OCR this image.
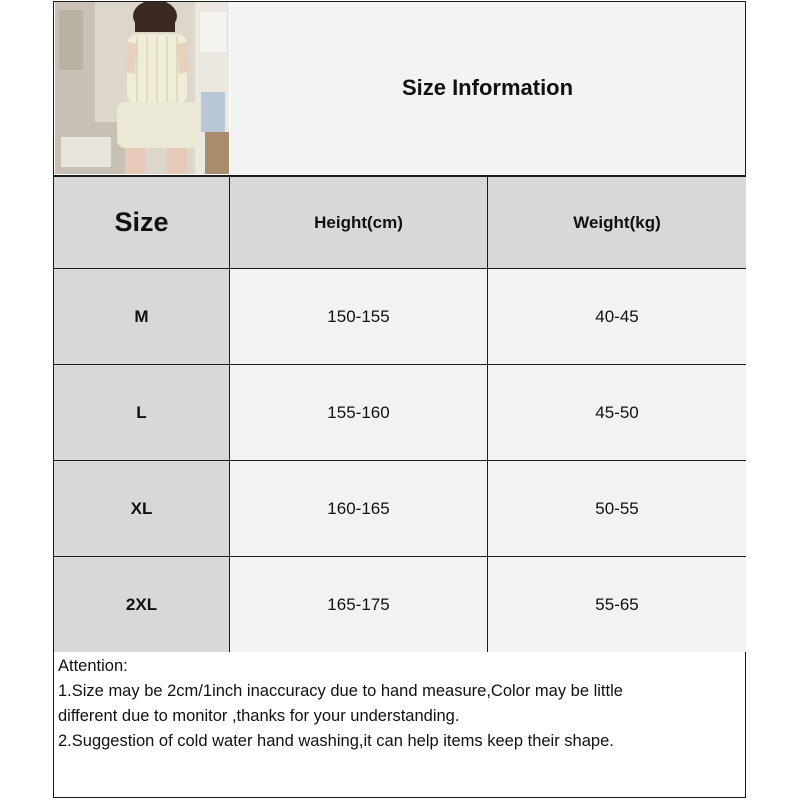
Size Information
Size	Height(cm)	Weight(kg)
M	150-155	40-45
L	155-160	45-50
XL	160-165	50-55
2XL	165-175	55-65
Attention:
1.Size may be 2cm/1inch inaccuracy due to hand measure,Color may be little
different due to monitor ,thanks for your understanding.
2.Suggestion of cold water hand washing,it can help items keep their shape.
